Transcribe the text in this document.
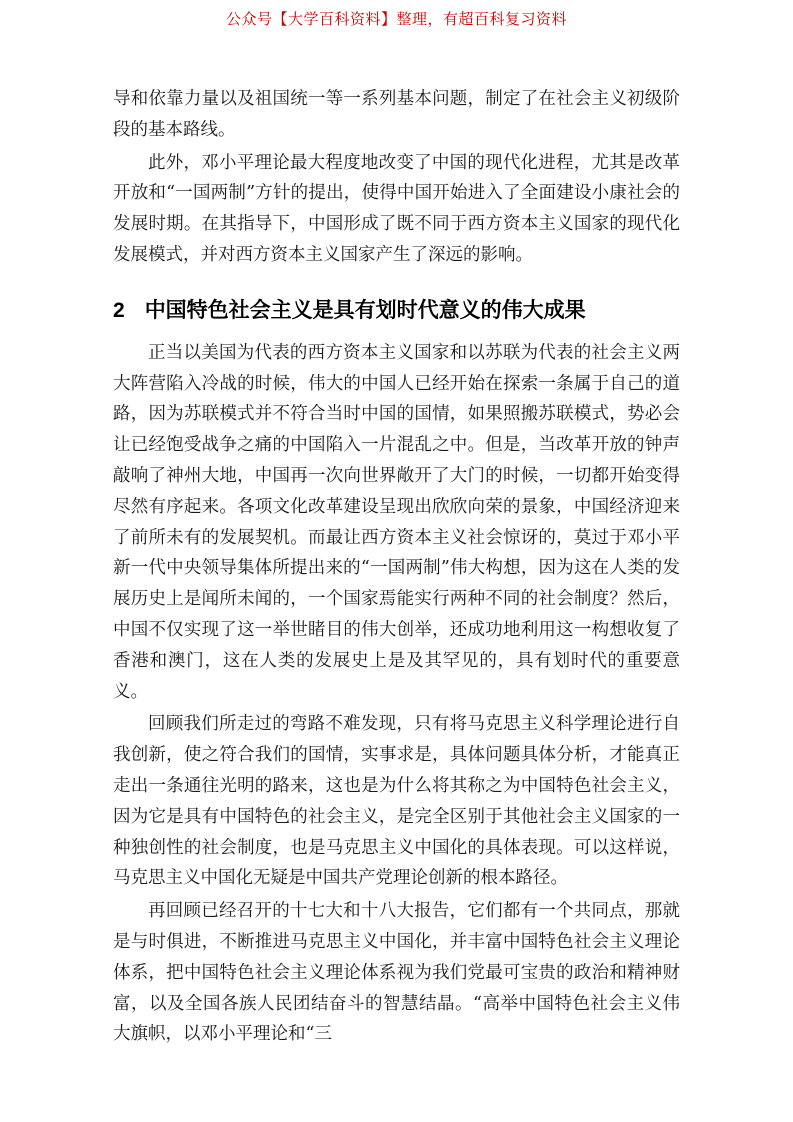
公众号【大学百科资料】整理，有超百科复习资料

导和依靠力量以及祖国统一等一系列基本问题，制定了在社会主义初级阶段的基本路线。

此外，邓小平理论最大程度地改变了中国的现代化进程，尤其是改革开放和“一国两制”方针的提出，使得中国开始进入了全面建设小康社会的发展时期。在其指导下，中国形成了既不同于西方资本主义国家的现代化发展模式，并对西方资本主义国家产生了深远的影响。

2 中国特色社会主义是具有划时代意义的伟大成果

正当以美国为代表的西方资本主义国家和以苏联为代表的社会主义两大阵营陷入冷战的时候，伟大的中国人已经开始在探索一条属于自己的道路，因为苏联模式并不符合当时中国的国情，如果照搬苏联模式，势必会让已经饱受战争之痛的中国陷入一片混乱之中。但是，当改革开放的钟声敲响了神州大地，中国再一次向世界敞开了大门的时候，一切都开始变得尽然有序起来。各项文化改革建设呈现出欣欣向荣的景象，中国经济迎来了前所未有的发展契机。而最让西方资本主义社会惊讶的，莫过于邓小平新一代中央领导集体所提出来的“一国两制”伟大构想，因为这在人类的发展历史上是闻所未闻的，一个国家焉能实行两种不同的社会制度？然后，中国不仅实现了这一举世睹目的伟大创举，还成功地利用这一构想收复了香港和澳门，这在人类的发展史上是及其罕见的，具有划时代的重要意义。

回顾我们所走过的弯路不难发现，只有将马克思主义科学理论进行自我创新，使之符合我们的国情，实事求是，具体问题具体分析，才能真正走出一条通往光明的路来，这也是为什么将其称之为中国特色社会主义，因为它是具有中国特色的社会主义，是完全区别于其他社会主义国家的一种独创性的社会制度，也是马克思主义中国化的具体表现。可以这样说，马克思主义中国化无疑是中国共产党理论创新的根本路径。

再回顾已经召开的十七大和十八大报告，它们都有一个共同点，那就是与时俱进，不断推进马克思主义中国化，并丰富中国特色社会主义理论体系，把中国特色社会主义理论体系视为我们党最可宝贵的政治和精神财富，以及全国各族人民团结奋斗的智慧结晶。“高举中国特色社会主义伟大旗帜，以邓小平理论和“三
